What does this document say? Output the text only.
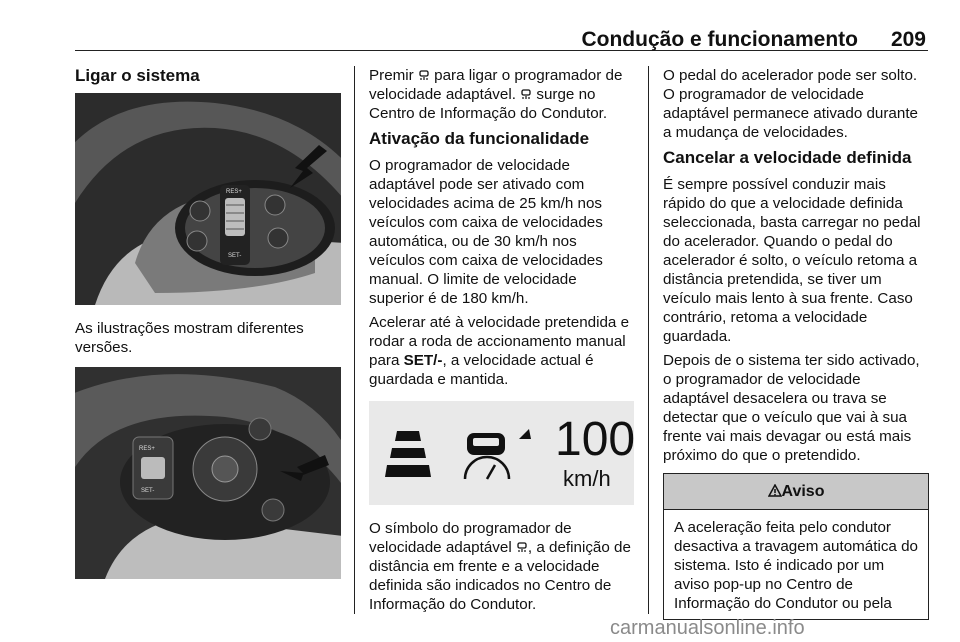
Condução e funcionamento 209
Ligar o sistema
RES+
SET-

As ilustrações mostram diferentes versões.

RES+
SET-

Premir  para ligar o programador de velocidade adaptável.  surge no Centro de Informação do Condutor.

Ativação da funcionalidade

O programador de velocidade adaptável pode ser ativado com velocidades acima de 25 km/h nos veículos com caixa de velocidades automática, ou de 30 km/h nos veículos com caixa de velocidades manual. O limite de velocidade superior é de 180 km/h.

Acelerar até à velocidade pretendida e rodar a roda de accionamento manual para SET/-, a velocidade actual é guardada e mantida.

100
km/h

O símbolo do programador de velocidade adaptável , a definição de distância em frente e a velocidade definida são indicados no Centro de Informação do Condutor.

O pedal do acelerador pode ser solto. O programador de velocidade adaptável permanece ativado durante a mudança de velocidades.

Cancelar a velocidade definida

É sempre possível conduzir mais rápido do que a velocidade definida seleccionada, basta carregar no pedal do acelerador. Quando o pedal do acelerador é solto, o veículo retoma a distância pretendida, se tiver um veículo mais lento à sua frente. Caso contrário, retoma a velocidade guardada.

Depois de o sistema ter sido activado, o programador de velocidade adaptável desacelera ou trava se detectar que o veículo que vai à sua frente vai mais devagar ou está mais próximo do que o pretendido.

Aviso
A aceleração feita pelo condutor desactiva a travagem automática do sistema. Isto é indicado por um aviso pop-up no Centro de Informação do Condutor ou pela
carmanualsonline.info
